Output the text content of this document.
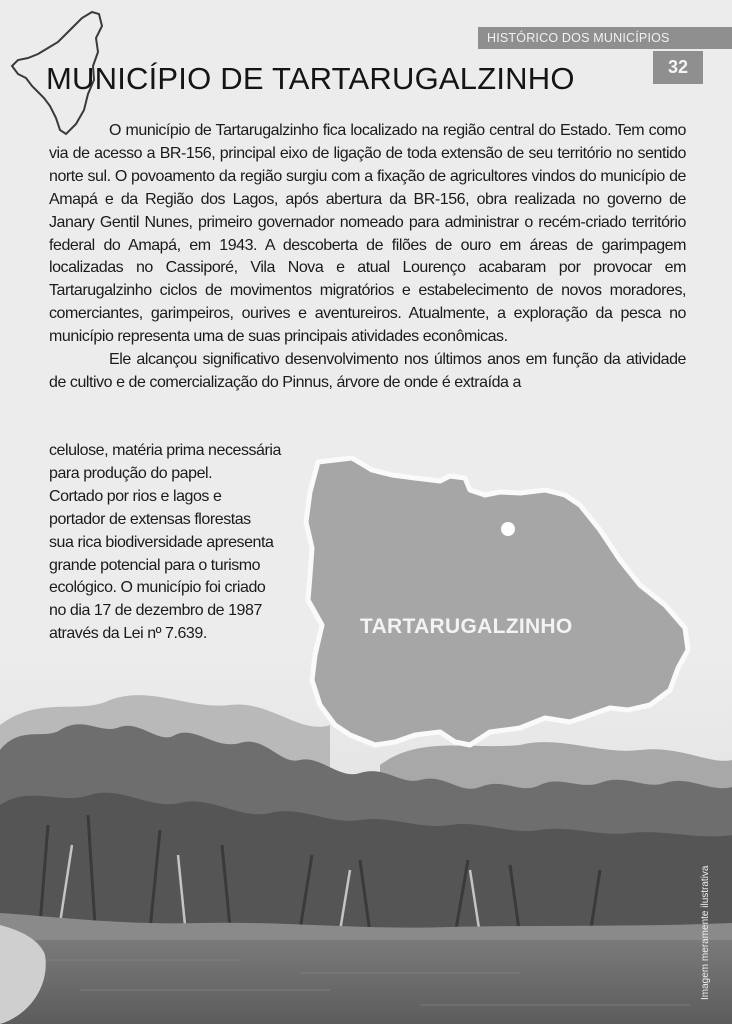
HISTÓRICO DOS MUNICÍPIOS
32
MUNICÍPIO DE TARTARUGALZINHO

O município de Tartarugalzinho fica localizado na região central do Estado. Tem como via de acesso a BR-156, principal eixo de ligação de toda extensão de seu território no sentido norte sul. O povoamento da região surgiu com a fixação de agricultores vindos do município de Amapá e da Região dos Lagos, após abertura da BR-156, obra realizada no governo de Janary Gentil Nunes, primeiro governador nomeado para administrar o recém-criado território federal do Amapá, em 1943. A descoberta de filões de ouro em áreas de garimpagem localizadas no Cassiporé, Vila Nova e atual Lourenço acabaram por provocar em Tartarugalzinho ciclos de movimentos migratórios e estabelecimento de novos moradores, comerciantes, garimpeiros, ourives e aventureiros. Atualmente, a exploração da pesca no município representa uma de suas principais atividades econômicas.

Ele alcançou significativo desenvolvimento nos últimos anos em função da atividade de cultivo e de comercialização do Pinnus, árvore de onde é extraída a

celulose, matéria prima necessária
para produção do papel.
Cortado por rios e lagos e
portador de extensas florestas
sua rica biodiversidade apresenta
grande potencial para o turismo
ecológico. O município foi criado
no dia 17 de dezembro de 1987
através da Lei nº 7.639.	TARTARUGALZINHO
Imagem meramente ilustrativa
